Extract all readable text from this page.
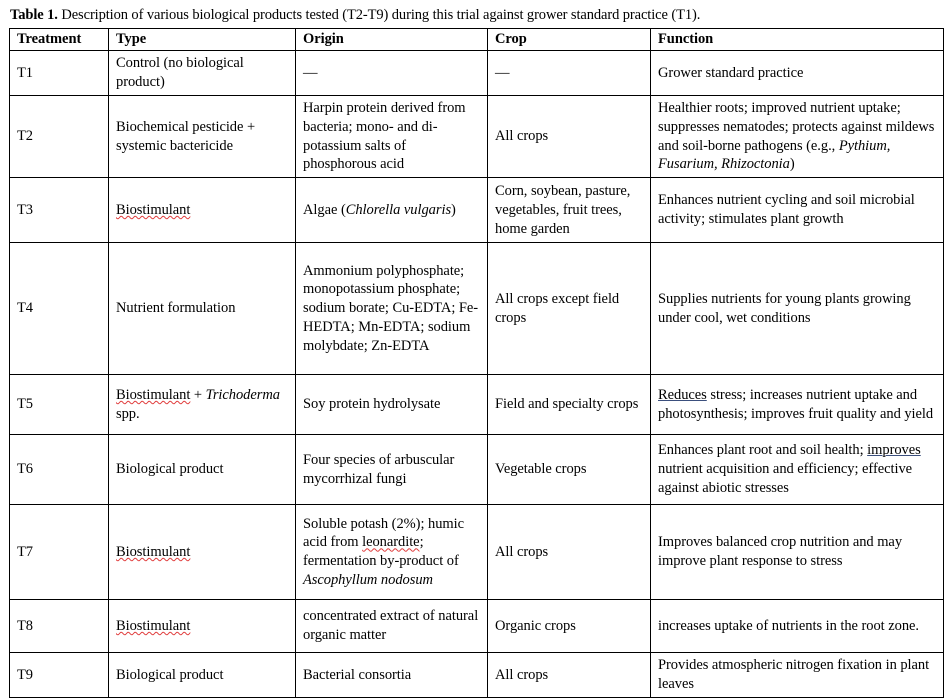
Table 1. Description of various biological products tested (T2-T9) during this trial against grower standard practice (T1).

Treatment	Type	Origin	Crop	Function
T1	Control (no biological product)	—	—	Grower standard practice
T2	Biochemical pesticide + systemic bactericide	Harpin protein derived from bacteria; mono- and di-potassium salts of phosphorous acid	All crops	Healthier roots; improved nutrient uptake; suppresses nematodes; protects against mildews and soil-borne pathogens (e.g., Pythium, Fusarium, Rhizoctonia)
T3	Biostimulant	Algae (Chlorella vulgaris)	Corn, soybean, pasture, vegetables, fruit trees, home garden	Enhances nutrient cycling and soil microbial activity; stimulates plant growth
T4	Nutrient formulation	Ammonium polyphosphate; monopotassium phosphate; sodium borate; Cu-EDTA; Fe-HEDTA; Mn-EDTA; sodium molybdate; Zn-EDTA	All crops except field crops	Supplies nutrients for young plants growing under cool, wet conditions
T5	Biostimulant + Trichoderma spp.	Soy protein hydrolysate	Field and specialty crops	Reduces stress; increases nutrient uptake and photosynthesis; improves fruit quality and yield
T6	Biological product	Four species of arbuscular mycorrhizal fungi	Vegetable crops	Enhances plant root and soil health; improves nutrient acquisition and efficiency; effective against abiotic stresses
T7	Biostimulant	Soluble potash (2%); humic acid from leonardite; fermentation by-product of Ascophyllum nodosum	All crops	Improves balanced crop nutrition and may improve plant response to stress
T8	Biostimulant	concentrated extract of natural organic matter	Organic crops	increases uptake of nutrients in the root zone.
T9	Biological product	Bacterial consortia	All crops	Provides atmospheric nitrogen fixation in plant leaves
